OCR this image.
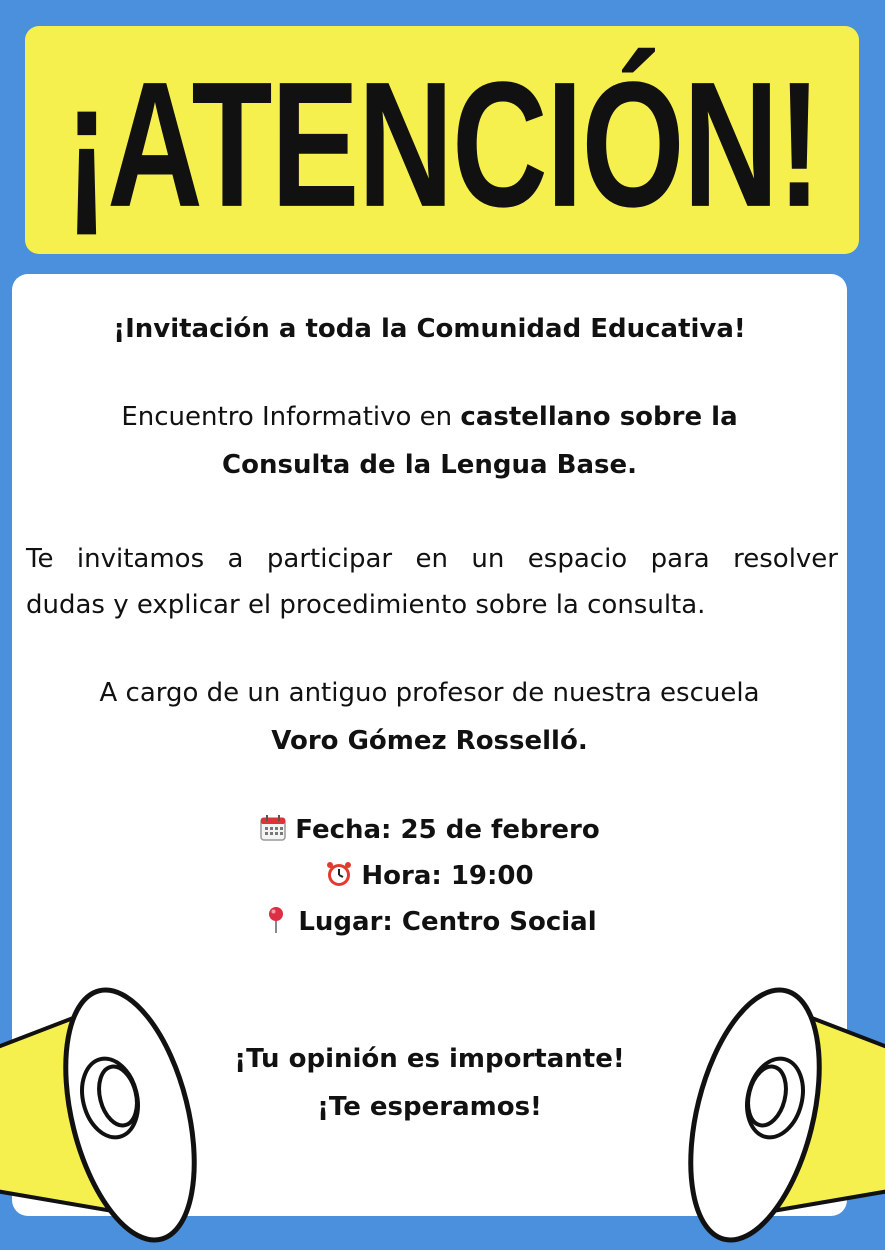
¡ATENCIÓN!
¡Invitación a toda la Comunidad Educativa!
Encuentro Informativo en castellano sobre la
Consulta de la Lengua Base.
Te invitamos a participar en un espacio para resolver
dudas y explicar el procedimiento sobre la consulta.
A cargo de un antiguo profesor de nuestra escuela
Voro Gómez Rosselló.
Fecha: 25 de febrero
Hora: 19:00
Lugar: Centro Social
¡Tu opinión es importante!
¡Te esperamos!
